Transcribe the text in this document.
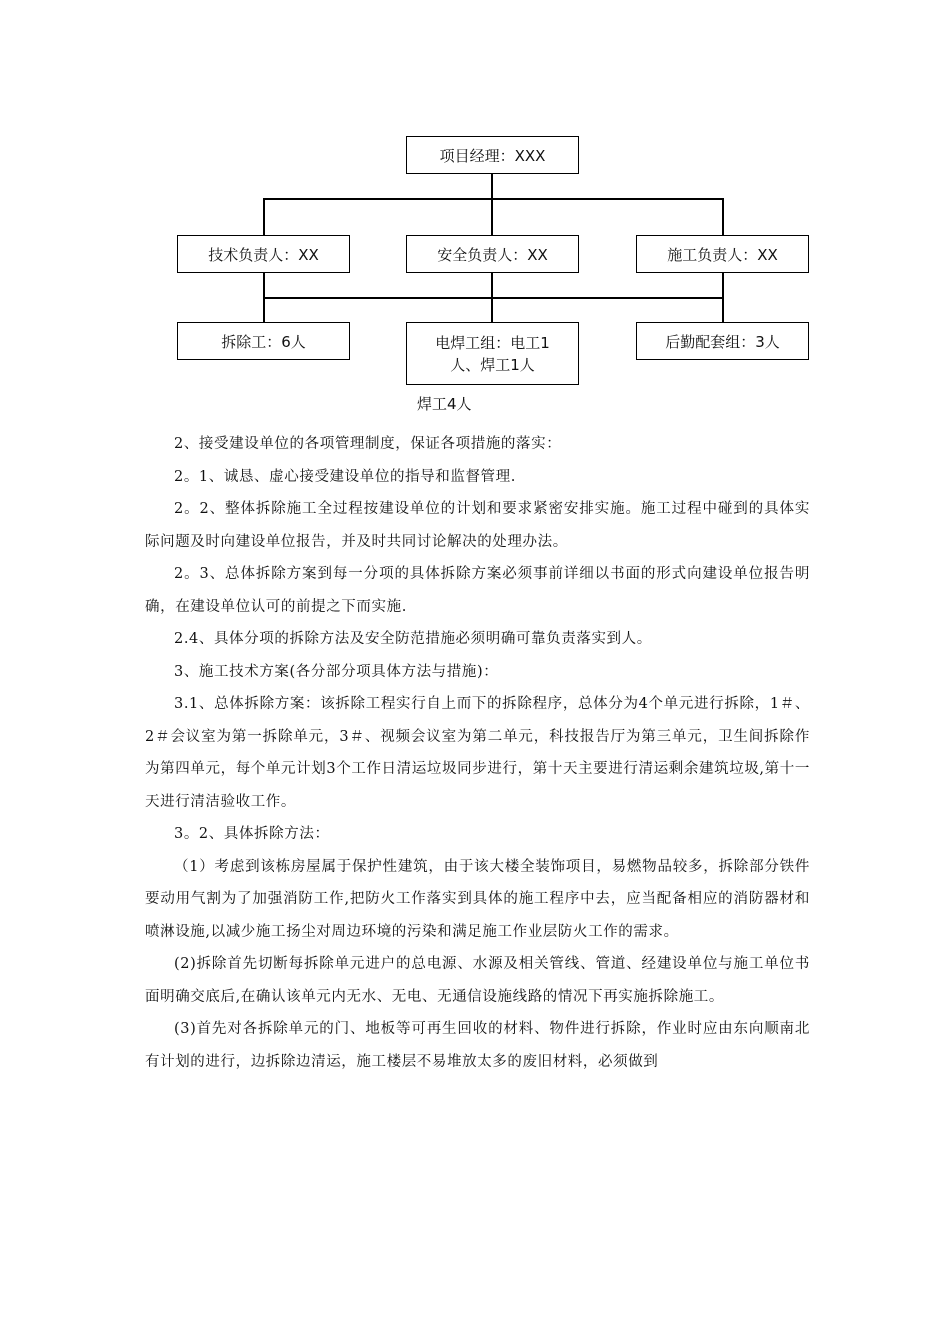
项目经理：XXX
技术负责人：XX	安全负责人：XX	施工负责人：XX
拆除工：6人	电焊工组：电工1
人、焊工1人
后勤配套组：3人
焊工4人

2、接受建设单位的各项管理制度，保证各项措施的落实：

2。1、诚恳、虚心接受建设单位的指导和监督管理.

2。2、整体拆除施工全过程按建设单位的计划和要求紧密安排实施。施工过程中碰到的具体实际问题及时向建设单位报告，并及时共同讨论解决的处理办法。

2。3、总体拆除方案到每一分项的具体拆除方案必须事前详细以书面的形式向建设单位报告明确，在建设单位认可的前提之下而实施.

2.4、具体分项的拆除方法及安全防范措施必须明确可靠负责落实到人。

3、施工技术方案(各分部分项具体方法与措施)：

3.1、总体拆除方案：该拆除工程实行自上而下的拆除程序，总体分为4个单元进行拆除，1＃、2＃会议室为第一拆除单元，3＃、视频会议室为第二单元，科技报告厅为第三单元，卫生间拆除作为第四单元，每个单元计划3个工作日清运垃圾同步进行，第十天主要进行清运剩余建筑垃圾,第十一天进行清洁验收工作。

3。2、具体拆除方法：

（1）考虑到该栋房屋属于保护性建筑，由于该大楼全装饰项目，易燃物品较多，拆除部分铁件要动用气割为了加强消防工作,把防火工作落实到具体的施工程序中去，应当配备相应的消防器材和喷淋设施,以减少施工扬尘对周边环境的污染和满足施工作业层防火工作的需求。

(2)拆除首先切断每拆除单元进户的总电源、水源及相关管线、管道、经建设单位与施工单位书面明确交底后,在确认该单元内无水、无电、无通信设施线路的情况下再实施拆除施工。

(3)首先对各拆除单元的门、地板等可再生回收的材料、物件进行拆除，作业时应由东向顺南北有计划的进行，边拆除边清运，施工楼层不易堆放太多的废旧材料，必须做到
